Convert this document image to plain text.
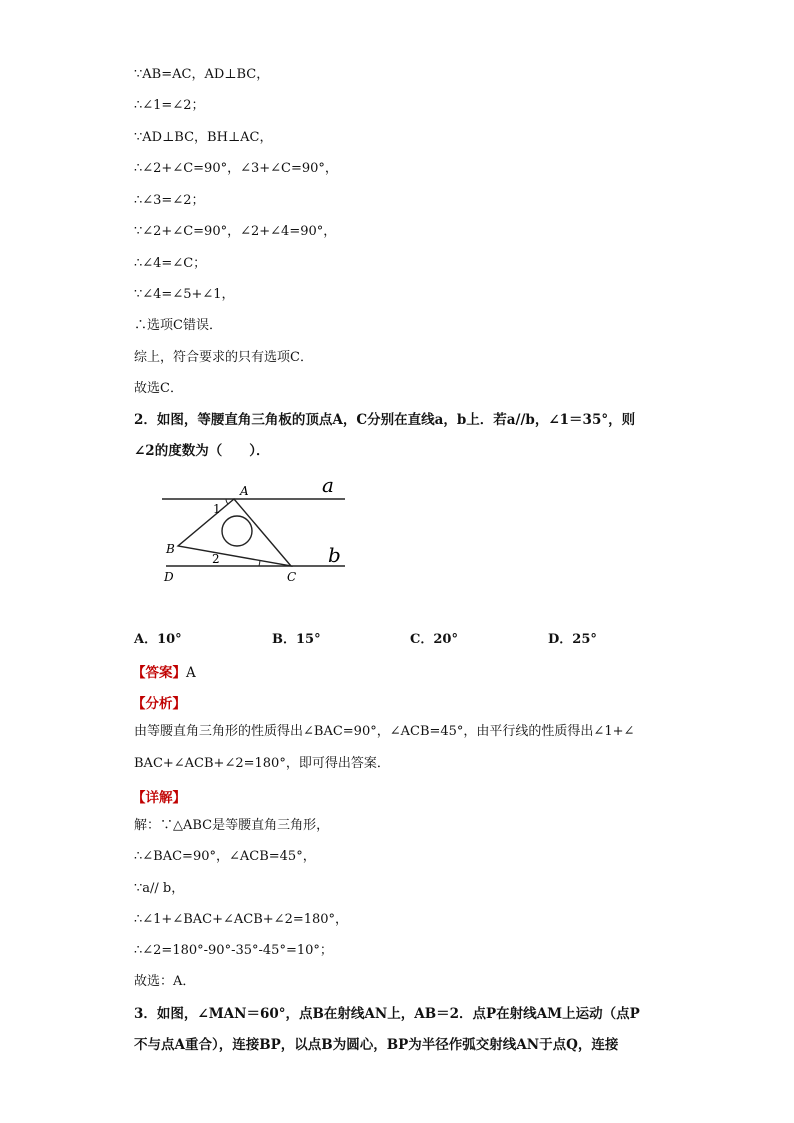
∵AB=AC，AD⊥BC，
∴∠1=∠2；
∵AD⊥BC，BH⊥AC，
∴∠2+∠C=90°，∠3+∠C=90°，
∴∠3=∠2；
∵∠2+∠C=90°，∠2+∠4=90°，
∴∠4=∠C；
∵∠4=∠5+∠1，
∴选项C错误．
综上，符合要求的只有选项C．
故选C．
2．如图，等腰直角三角板的顶点A，C分别在直线a，b上．若a//b，∠1＝35°，则
∠2的度数为（　　）．
a
b
A
B
C
D
1
2
A．10°	B．15°	C．20°	D．25°
【答案】A
【分析】
由等腰直角三角形的性质得出∠BAC=90°，∠ACB=45°，由平行线的性质得出∠1+∠
BAC+∠ACB+∠2=180°，即可得出答案．
【详解】
解：∵△ABC是等腰直角三角形，
∴∠BAC=90°，∠ACB=45°，
∵a// b，
∴∠1+∠BAC+∠ACB+∠2=180°，
∴∠2=180°-90°-35°-45°=10°；
故选：A．
3．如图，∠MAN＝60°，点B在射线AN上，AB＝2．点P在射线AM上运动（点P
不与点A重合），连接BP，以点B为圆心，BP为半径作弧交射线AN于点Q，连接
